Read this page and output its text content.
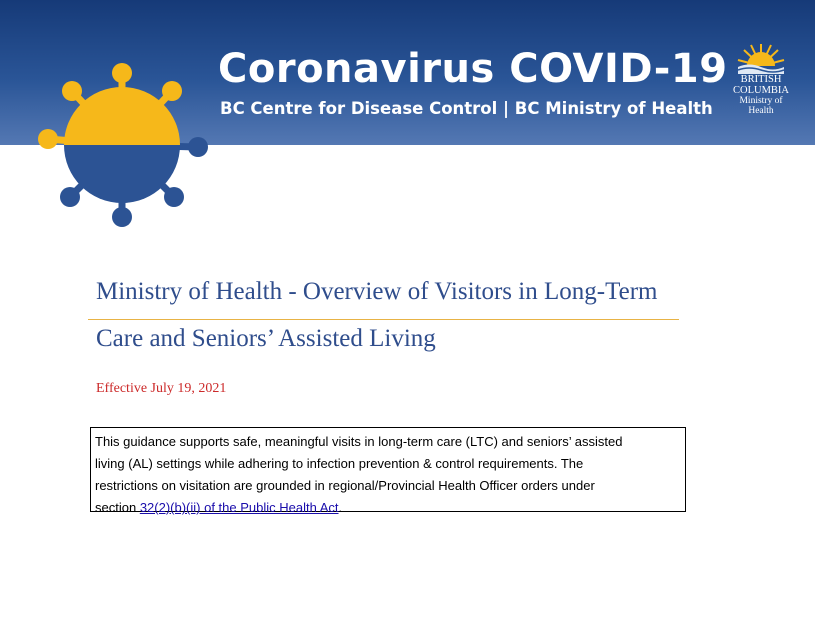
Coronavirus COVID-19
BC Centre for Disease Control | BC Ministry of Health
BRITISH
COLUMBIA
Ministry of
Health
Ministry of Health - Overview of Visitors in Long-Term
Care and Seniors’ Assisted Living
Effective July 19, 2021
This guidance supports safe, meaningful visits in long-term care (LTC) and seniors’ assisted
living (AL) settings while adhering to infection prevention & control requirements. The
restrictions on visitation are grounded in regional/Provincial Health Officer orders under
section 32(2)(b)(ii) of the Public Health Act.
